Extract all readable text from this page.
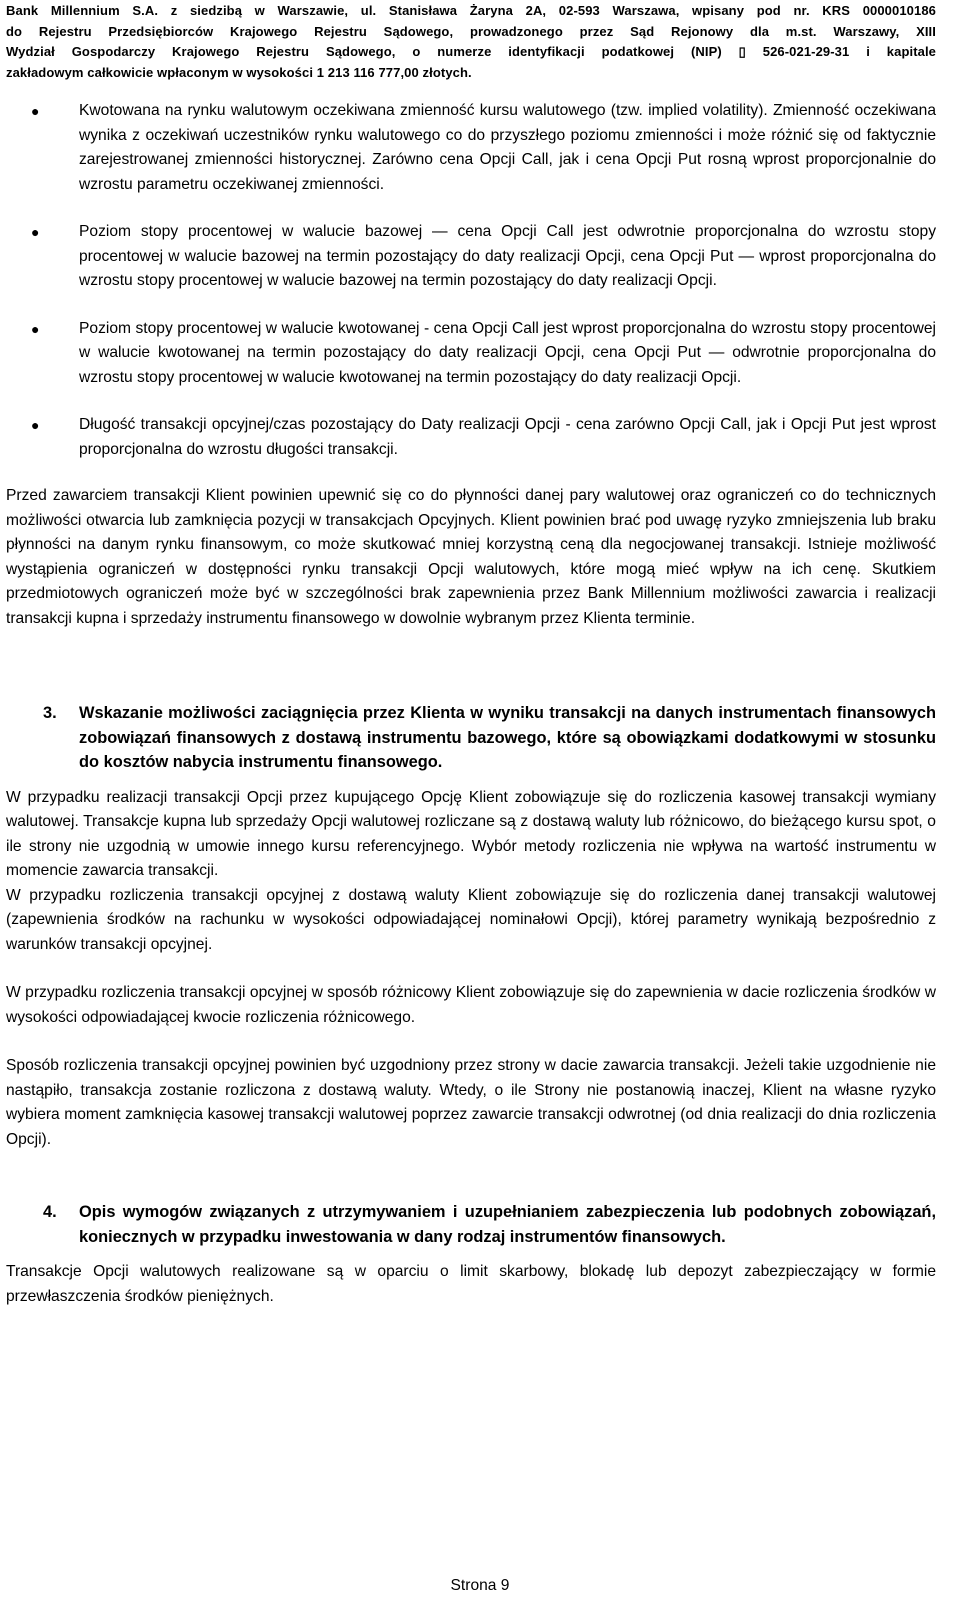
Bank Millennium S.A. z siedzibą w Warszawie, ul. Stanisława Żaryna 2A, 02-593 Warszawa, wpisany pod nr. KRS 0000010186
do Rejestru Przedsiębiorców Krajowego Rejestru Sądowego, prowadzonego przez Sąd Rejonowy dla m.st. Warszawy, XIII
Wydział Gospodarczy Krajowego Rejestru Sądowego, o numerze identyfikacji podatkowej (NIP) ▯ 526-021-29-31 i kapitale
zakładowym całkowicie wpłaconym w wysokości 1 213 116 777,00 złotych.
●	Kwotowana na rynku walutowym oczekiwana zmienność kursu walutowego (tzw. implied volatility). Zmienność oczekiwana wynika z oczekiwań uczestników rynku walutowego co do przyszłego poziomu zmienności i może różnić się od faktycznie zarejestrowanej zmienności historycznej. Zarówno cena Opcji Call, jak i cena Opcji Put rosną wprost proporcjonalnie do wzrostu parametru oczekiwanej zmienności.
●	Poziom stopy procentowej w walucie bazowej — cena Opcji Call jest odwrotnie proporcjonalna do wzrostu stopy procentowej w walucie bazowej na termin pozostający do daty realizacji Opcji, cena Opcji Put — wprost proporcjonalna do wzrostu stopy procentowej w walucie bazowej na termin pozostający do daty realizacji Opcji.
●	Poziom stopy procentowej w walucie kwotowanej - cena Opcji Call jest wprost proporcjonalna do wzrostu stopy procentowej w walucie kwotowanej na termin pozostający do daty realizacji Opcji, cena Opcji Put — odwrotnie proporcjonalna do wzrostu stopy procentowej w walucie kwotowanej na termin pozostający do daty realizacji Opcji.
●	Długość transakcji opcyjnej/czas pozostający do Daty realizacji Opcji - cena zarówno Opcji Call, jak i Opcji Put jest wprost proporcjonalna do wzrostu długości transakcji.

Przed zawarciem transakcji Klient powinien upewnić się co do płynności danej pary walutowej oraz ograniczeń co do technicznych możliwości otwarcia lub zamknięcia pozycji w transakcjach Opcyjnych. Klient powinien brać pod uwagę ryzyko zmniejszenia lub braku płynności na danym rynku finansowym, co może skutkować mniej korzystną ceną dla negocjowanej transakcji. Istnieje możliwość wystąpienia ograniczeń w dostępności rynku transakcji Opcji walutowych, które mogą mieć wpływ na ich cenę. Skutkiem przedmiotowych ograniczeń może być w szczególności brak zapewnienia przez Bank Millennium możliwości zawarcia i realizacji transakcji kupna i sprzedaży instrumentu finansowego w dowolnie wybranym przez Klienta terminie.

3.	Wskazanie możliwości zaciągnięcia przez Klienta w wyniku transakcji na danych instrumentach finansowych zobowiązań finansowych z dostawą instrumentu bazowego, które są obowiązkami dodatkowymi w stosunku do kosztów nabycia instrumentu finansowego.

W przypadku realizacji transakcji Opcji przez kupującego Opcję Klient zobowiązuje się do rozliczenia kasowej transakcji wymiany walutowej. Transakcje kupna lub sprzedaży Opcji walutowej rozliczane są z dostawą waluty lub różnicowo, do bieżącego kursu spot, o ile strony nie uzgodnią w umowie innego kursu referencyjnego. Wybór metody rozliczenia nie wpływa na wartość instrumentu w momencie zawarcia transakcji.

W przypadku rozliczenia transakcji opcyjnej z dostawą waluty Klient zobowiązuje się do rozliczenia danej transakcji walutowej (zapewnienia środków na rachunku w wysokości odpowiadającej nominałowi Opcji), której parametry wynikają bezpośrednio z warunków transakcji opcyjnej.

W przypadku rozliczenia transakcji opcyjnej w sposób różnicowy Klient zobowiązuje się do zapewnienia w dacie rozliczenia środków w wysokości odpowiadającej kwocie rozliczenia różnicowego.

Sposób rozliczenia transakcji opcyjnej powinien być uzgodniony przez strony w dacie zawarcia transakcji. Jeżeli takie uzgodnienie nie nastąpiło, transakcja zostanie rozliczona z dostawą waluty. Wtedy, o ile Strony nie postanowią inaczej, Klient na własne ryzyko wybiera moment zamknięcia kasowej transakcji walutowej poprzez zawarcie transakcji odwrotnej (od dnia realizacji do dnia rozliczenia Opcji).

4.	Opis wymogów związanych z utrzymywaniem i uzupełnianiem zabezpieczenia lub podobnych zobowiązań, koniecznych w przypadku inwestowania w dany rodzaj instrumentów finansowych.

Transakcje Opcji walutowych realizowane są w oparciu o limit skarbowy, blokadę lub depozyt zabezpieczający w formie przewłaszczenia środków pieniężnych.

Strona 9
